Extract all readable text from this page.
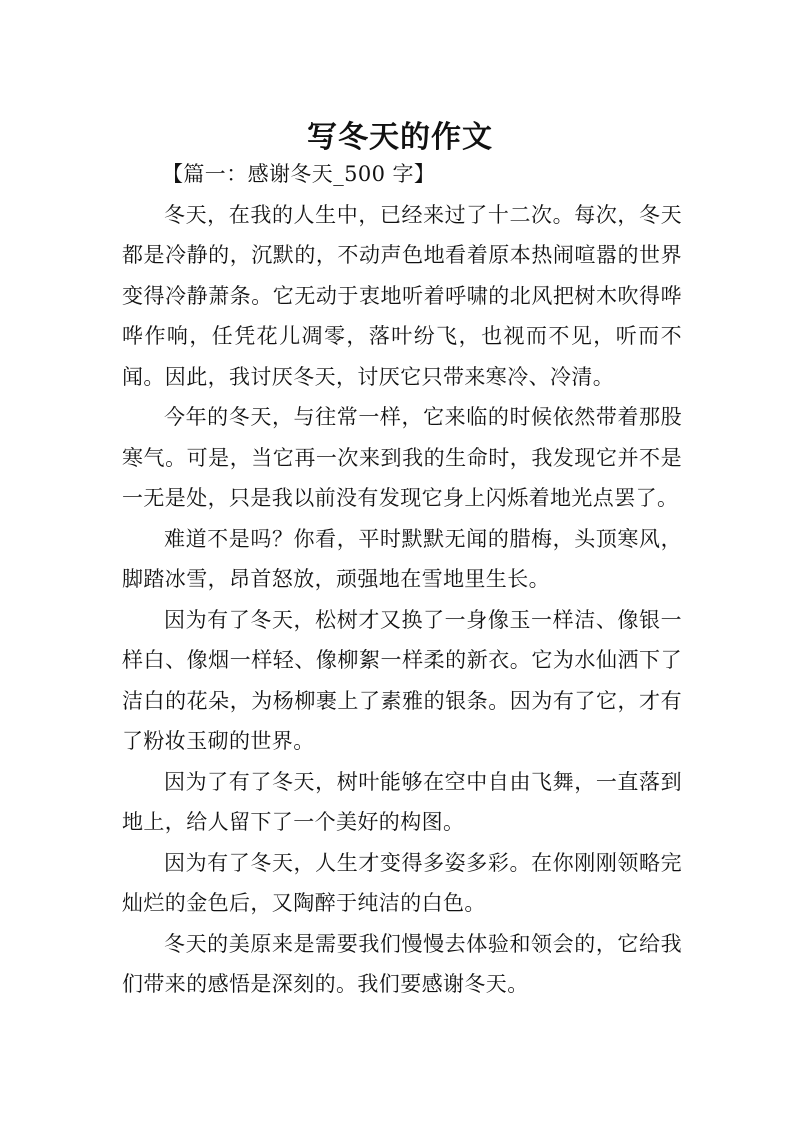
写冬天的作文

【篇一：感谢冬天_500 字】

冬天，在我的人生中，已经来过了十二次。每次，冬天都是冷静的，沉默的，不动声色地看着原本热闹喧嚣的世界变得冷静萧条。它无动于衷地听着呼啸的北风把树木吹得哗哗作响，任凭花儿凋零，落叶纷飞，也视而不见，听而不闻。因此，我讨厌冬天，讨厌它只带来寒冷、冷清。

今年的冬天，与往常一样，它来临的时候依然带着那股寒气。可是，当它再一次来到我的生命时，我发现它并不是一无是处，只是我以前没有发现它身上闪烁着地光点罢了。

难道不是吗？你看，平时默默无闻的腊梅，头顶寒风，脚踏冰雪，昂首怒放，顽强地在雪地里生长。

因为有了冬天，松树才又换了一身像玉一样洁、像银一样白、像烟一样轻、像柳絮一样柔的新衣。它为水仙洒下了洁白的花朵，为杨柳裹上了素雅的银条。因为有了它，才有了粉妆玉砌的世界。

因为了有了冬天，树叶能够在空中自由飞舞，一直落到地上，给人留下了一个美好的构图。

因为有了冬天，人生才变得多姿多彩。在你刚刚领略完灿烂的金色后，又陶醉于纯洁的白色。

冬天的美原来是需要我们慢慢去体验和领会的，它给我们带来的感悟是深刻的。我们要感谢冬天。
